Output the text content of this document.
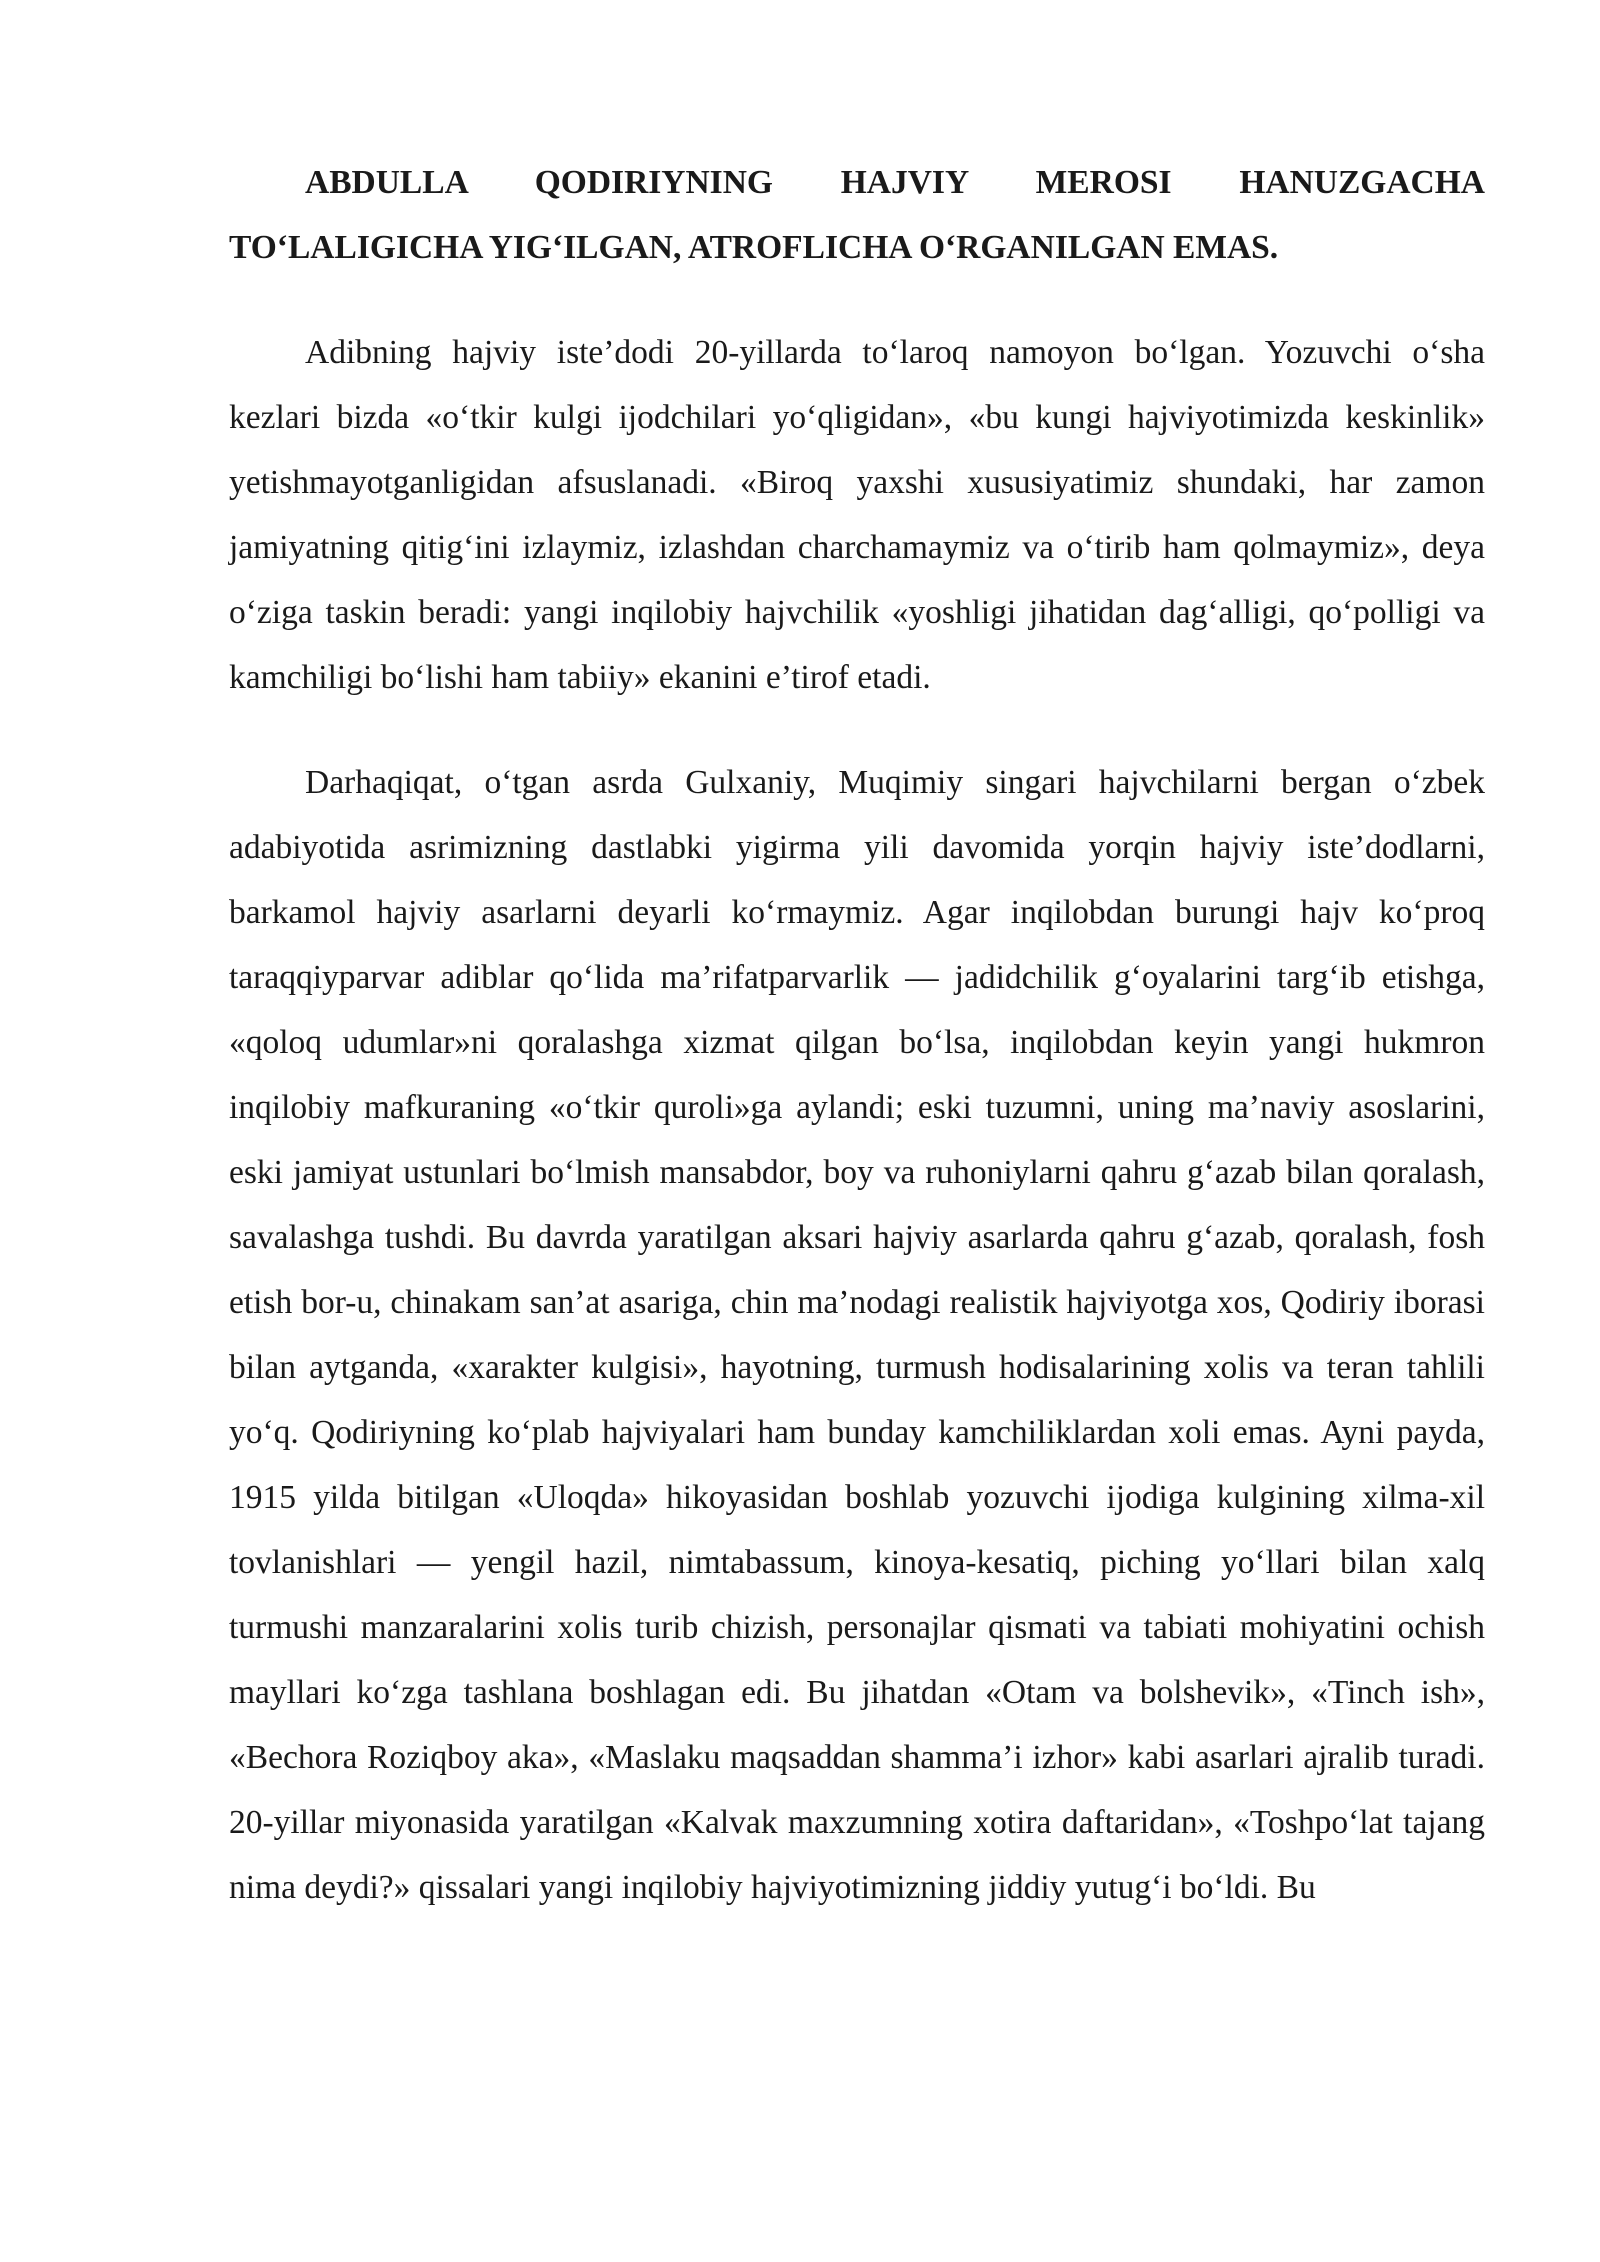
ABDULLA QODIRIYNING HAJVIY MEROSI HANUZGACHA TO‘LALIGICHA YIG‘ILGAN, ATROFLICHA O‘RGANILGAN EMAS.

Adibning hajviy iste’dodi 20-yillarda to‘laroq namoyon bo‘lgan. Yozuvchi o‘sha kezlari bizda «o‘tkir kulgi ijodchilari yo‘qligidan», «bu kungi hajviyotimizda keskinlik» yetishmayotganligidan afsuslanadi. «Biroq yaxshi xususiyatimiz shundaki, har zamon jamiyatning qitig‘ini izlaymiz, izlashdan charchamaymiz va o‘tirib ham qolmaymiz», deya o‘ziga taskin beradi: yangi inqilobiy hajvchilik «yoshligi jihatidan dag‘alligi, qo‘polligi va kamchiligi bo‘lishi ham tabiiy» ekanini e’tirof etadi.

Darhaqiqat, o‘tgan asrda Gulxaniy, Muqimiy singari hajvchilarni bergan o‘zbek adabiyotida asrimizning dastlabki yigirma yili davomida yorqin hajviy iste’dodlarni, barkamol hajviy asarlarni deyarli ko‘rmaymiz. Agar inqilobdan burungi hajv ko‘proq taraqqiyparvar adiblar qo‘lida ma’rifatparvarlik — jadidchilik g‘oyalarini targ‘ib etishga, «qoloq udumlar»ni qoralashga xizmat qilgan bo‘lsa, inqilobdan keyin yangi hukmron inqilobiy mafkuraning «o‘tkir quroli»ga aylandi; eski tuzumni, uning ma’naviy asoslarini, eski jamiyat ustunlari bo‘lmish mansabdor, boy va ruhoniylarni qahru g‘azab bilan qoralash, savalashga tushdi. Bu davrda yaratilgan aksari hajviy asarlarda qahru g‘azab, qoralash, fosh etish bor-u, chinakam san’at asariga, chin ma’nodagi realistik hajviyotga xos, Qodiriy iborasi bilan aytganda, «xarakter kulgisi», hayotning, turmush hodisalarining xolis va teran tahlili yo‘q. Qodiriyning ko‘plab hajviyalari ham bunday kamchiliklardan xoli emas. Ayni payda, 1915 yilda bitilgan «Uloqda» hikoyasidan boshlab yozuvchi ijodiga kulgining xilma-xil tovlanishlari — yengil hazil, nimtabassum, kinoya-kesatiq, piching yo‘llari bilan xalq turmushi manzaralarini xolis turib chizish, personajlar qismati va tabiati mohiyatini ochish mayllari ko‘zga tashlana boshlagan edi. Bu jihatdan «Otam va bolshevik», «Tinch ish», «Bechora Roziqboy aka», «Maslaku maqsaddan shamma’i izhor» kabi asarlari ajralib turadi. 20-yillar miyonasida yaratilgan «Kalvak maxzumning xotira daftaridan», «Toshpo‘lat tajang nima deydi?» qissalari yangi inqilobiy hajviyotimizning jiddiy yutug‘i bo‘ldi. Bu
